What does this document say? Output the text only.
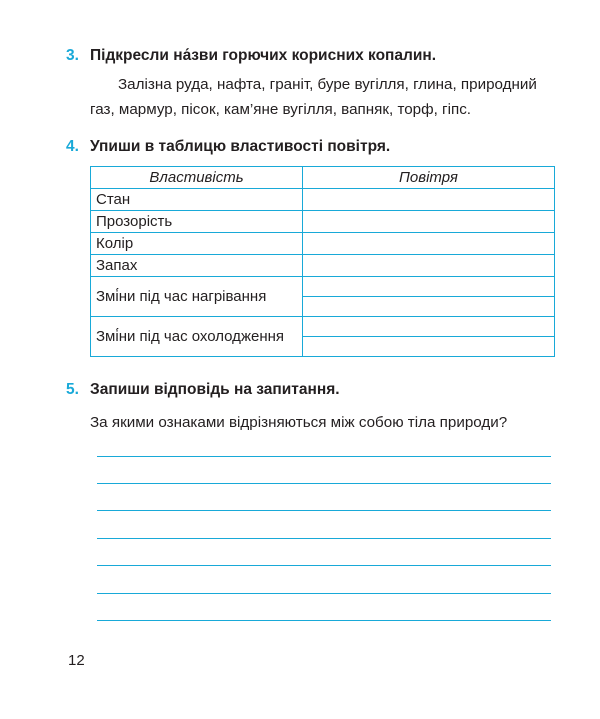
3. Підкресли на́зви горючих корисних копалин.

Залізна руда, нафта, граніт, буре вугілля, глина, природний газ, мармур, пісок, кам’яне вугілля, вапняк, торф, гіпс.

4. Упиши в таблицю властивості повітря.
Властивість	Повітря
Стан	
Прозорість	
Колір	
Запах	
Змі́ни під час нагрівання	

Змі́ни під час охолодження	

5. Запиши відповідь на запитання.
За якими ознаками відрізняються між собою тіла природи?
12
